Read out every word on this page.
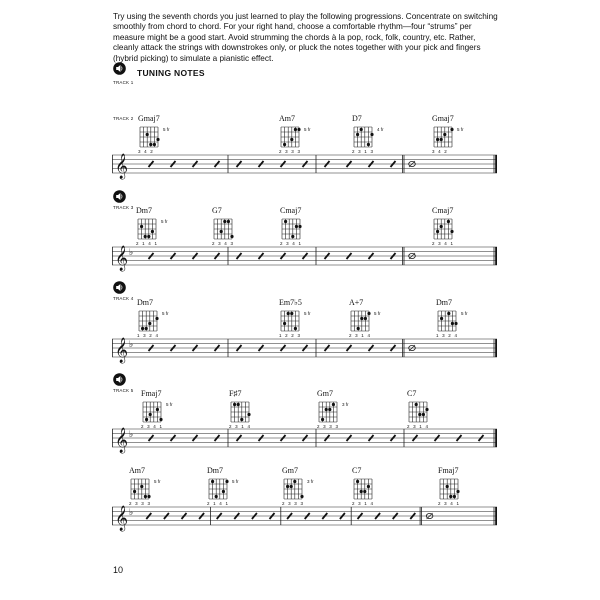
Try using the seventh chords you just learned to play the following progressions. Concentrate on switching smoothly from chord to chord. For your right hand, choose a comfortable rhythm—four “strums” per measure might be a good start. Avoid strumming the chords à la pop, rock, folk, country, etc. Rather, cleanly attack the strings with downstrokes only, or pluck the notes together with your pick and fingers (hybrid picking) to simulate a pianistic effect.

TRACK 1
TUNING NOTES
TRACK 2
TRACK 3
TRACK 4
TRACK 5
Gmaj7
5 fr
3 4 2
Am7
5 fr
2 3 3 3
D7
4 fr
2 3 1 3
Gmaj7
5 fr
3 4 2
Dm7
5 fr
2 1 4 1
G7
2 3 4 3
Cmaj7
2 3 4 1
Cmaj7
2 3 4 1
Dm7
5 fr
1 3 2 4
Em7♭5
5 fr
1 2 2 3
A+7
5 fr
2 3 1 4
Dm7
5 fr
1 3 2 4
Fmaj7
5 fr
2 3 4 1
F♯7
2 3 1 4
Gm7
3 fr
2 3 3 3
C7
2 3 1 4
Am7
5 fr
2 3 3 3
Dm7
5 fr
2 1 4 1
Gm7
3 fr
2 3 3 3
C7
2 3 1 4
Fmaj7
2 3 4 1
𝄞
𝄞 ♭
𝄞 ♭
𝄞 ♭
𝄞 ♭
10
